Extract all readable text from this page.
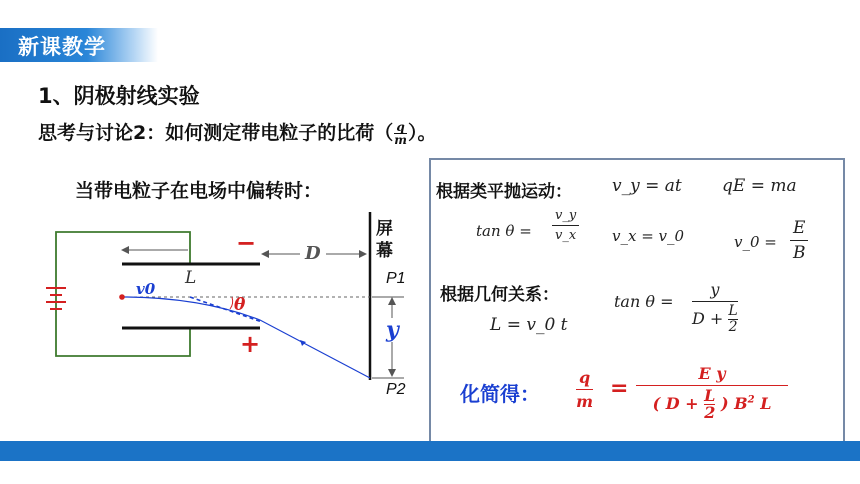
新课教学
1、阴极射线实验
思考与讨论2：如何测定带电粒子的比荷（ $\frac{q}{m}$ ）。
当带电粒子在电场中偏转时：
−
+
L
D
v0
θ
y
P1
P2
屏
幕
根据类平抛运动： v_y = at qE = ma
$\tan \theta = \frac{v\_y}{v\_x}$ v_x = v_0	v_0 = $\frac{E}{B}$
根据几何关系：	$\tan \theta = \frac{y}{D + \frac{L}{2}}$
L = v_0 t
化简得： $\frac{q}{m} = \frac{\text{E y}}{( D + \frac{L}{2} ) B^2 L}$
